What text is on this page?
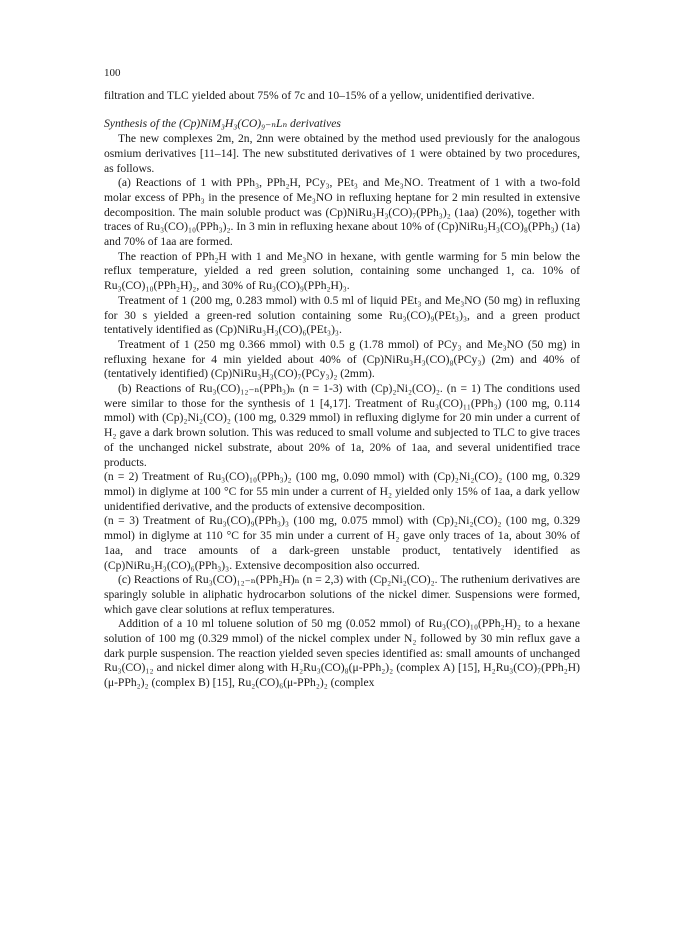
100

filtration and TLC yielded about 75% of 7c and 10–15% of a yellow, unidentified derivative.

Synthesis of the (Cp)NiM₃H₃(CO)₉₋ₙLₙ derivatives

The new complexes 2m, 2n, 2nn were obtained by the method used previously for the analogous osmium derivatives [11–14]. The new substituted derivatives of 1 were obtained by two procedures, as follows.

(a) Reactions of 1 with PPh₃, PPh₂H, PCy₃, PEt₃ and Me₃NO. Treatment of 1 with a two-fold molar excess of PPh₃ in the presence of Me₃NO in refluxing heptane for 2 min resulted in extensive decomposition. The main soluble product was (Cp)NiRu₃H₃(CO)₇(PPh₃)₂ (1aa) (20%), together with traces of Ru₃(CO)₁₀(PPh₃)₂. In 3 min in refluxing hexane about 10% of (Cp)NiRu₃H₃(CO)₈(PPh₃) (1a) and 70% of 1aa are formed.

The reaction of PPh₂H with 1 and Me₃NO in hexane, with gentle warming for 5 min below the reflux temperature, yielded a red green solution, containing some unchanged 1, ca. 10% of Ru₃(CO)₁₀(PPh₂H)₂, and 30% of Ru₃(CO)₉(PPh₂H)₃.

Treatment of 1 (200 mg, 0.283 mmol) with 0.5 ml of liquid PEt₃ and Me₃NO (50 mg) in refluxing for 30 s yielded a green-red solution containing some Ru₃(CO)₉(PEt₃)₃, and a green product tentatively identified as (Cp)NiRu₃H₃(CO)₆(PEt₃)₃.

Treatment of 1 (250 mg 0.366 mmol) with 0.5 g (1.78 mmol) of PCy₃ and Me₃NO (50 mg) in refluxing hexane for 4 min yielded about 40% of (Cp)NiRu₃H₃(CO)₈(PCy₃) (2m) and 40% of (tentatively identified) (Cp)NiRu₃H₃(CO)₇(PCy₃)₂ (2mm).

(b) Reactions of Ru₃(CO)₁₂₋ₙ(PPh₃)ₙ (n = 1-3) with (Cp)₂Ni₂(CO)₂. (n = 1) The conditions used were similar to those for the synthesis of 1 [4,17]. Treatment of Ru₃(CO)₁₁(PPh₃) (100 mg, 0.114 mmol) with (Cp)₂Ni₂(CO)₂ (100 mg, 0.329 mmol) in refluxing diglyme for 20 min under a current of H₂ gave a dark brown solution. This was reduced to small volume and subjected to TLC to give traces of the unchanged nickel substrate, about 20% of 1a, 20% of 1aa, and several unidentified trace products.

(n = 2) Treatment of Ru₃(CO)₁₀(PPh₃)₂ (100 mg, 0.090 mmol) with (Cp)₂Ni₂(CO)₂ (100 mg, 0.329 mmol) in diglyme at 100 °C for 55 min under a current of H₂ yielded only 15% of 1aa, a dark yellow unidentified derivative, and the products of extensive decomposition.

(n = 3) Treatment of Ru₃(CO)₉(PPh₃)₃ (100 mg, 0.075 mmol) with (Cp)₂Ni₂(CO)₂ (100 mg, 0.329 mmol) in diglyme at 110 °C for 35 min under a current of H₂ gave only traces of 1a, about 30% of 1aa, and trace amounts of a dark-green unstable product, tentatively identified as (Cp)NiRu₃H₃(CO)₆(PPh₃)₃. Extensive decomposition also occurred.

(c) Reactions of Ru₃(CO)₁₂₋ₙ(PPh₂H)ₙ (n = 2,3) with (Cp₂Ni₂(CO)₂. The ruthenium derivatives are sparingly soluble in aliphatic hydrocarbon solutions of the nickel dimer. Suspensions were formed, which gave clear solutions at reflux temperatures.

Addition of a 10 ml toluene solution of 50 mg (0.052 mmol) of Ru₃(CO)₁₀(PPh₂H)₂ to a hexane solution of 100 mg (0.329 mmol) of the nickel complex under N₂ followed by 30 min reflux gave a dark purple suspension. The reaction yielded seven species identified as: small amounts of unchanged Ru₃(CO)₁₂ and nickel dimer along with H₂Ru₃(CO)₈(μ-PPh₂)₂ (complex A) [15], H₂Ru₃(CO)₇(PPh₂H)(μ-PPh₂)₂ (complex B) [15], Ru₂(CO)₆(μ-PPh₂)₂ (complex
